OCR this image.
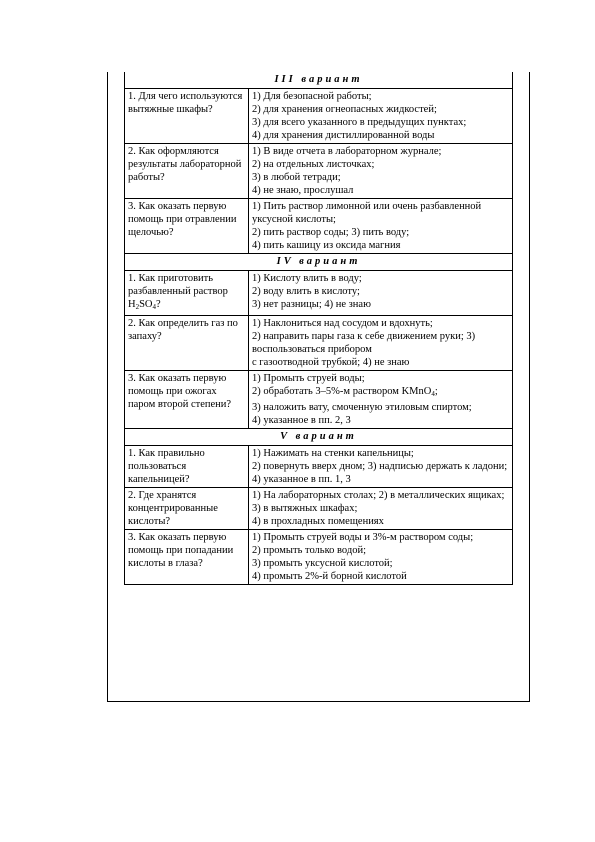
III вариант
1. Для чего используются вытяжные шкафы?
1) Для безопасной работы;
2) для хранения огнеопасных жидкостей;
3) для всего указанного в предыдущих пунктах;
4) для хранения дистиллированной воды
2. Как оформляются результаты лабораторной работы?
1) В виде отчета в лабораторном журнале;
2) на отдельных листочках;
3) в любой тетради;
4) не знаю, прослушал
3. Как оказать первую помощь при отравлении щелочью?
1) Пить раствор лимонной или очень разбавленной уксусной кислоты;
2) пить раствор соды; 3) пить воду;
4) пить кашицу из оксида магния
IV вариант
1. Как приготовить разбавленный раствор $H_2SO_4$?
1) Кислоту влить в воду;
2) воду влить в кислоту;
3) нет разницы; 4) не знаю
2. Как определить газ по запаху?
1) Наклониться над сосудом и вдохнуть;
2) направить пары газа к себе движением руки; 3) воспользоваться прибором
с газоотводной трубкой; 4) не знаю
3. Как оказать первую помощь при ожогах паром второй степени?
1) Промыть струей воды;
2) обработать 3–5%-м раствором KMnO$_4$;
3) наложить вату, смоченную этиловым спиртом;
4) указанное в пп. 2, 3
V вариант
1. Как правильно пользоваться капельницей?
1) Нажимать на стенки капельницы;
2) повернуть вверх дном; 3) надписью держать к ладони; 4) указанное в пп. 1, 3
2. Где хранятся концентрированные кислоты?
1) На лабораторных столах; 2) в металлических ящиках; 3) в вытяжных шкафах;
4) в прохладных помещениях
3. Как оказать первую помощь при попадании кислоты в глаза?
1) Промыть струей воды и 3%-м раствором соды;
2) промыть только водой;
3) промыть уксусной кислотой;
4) промыть 2%-й борной кислотой
